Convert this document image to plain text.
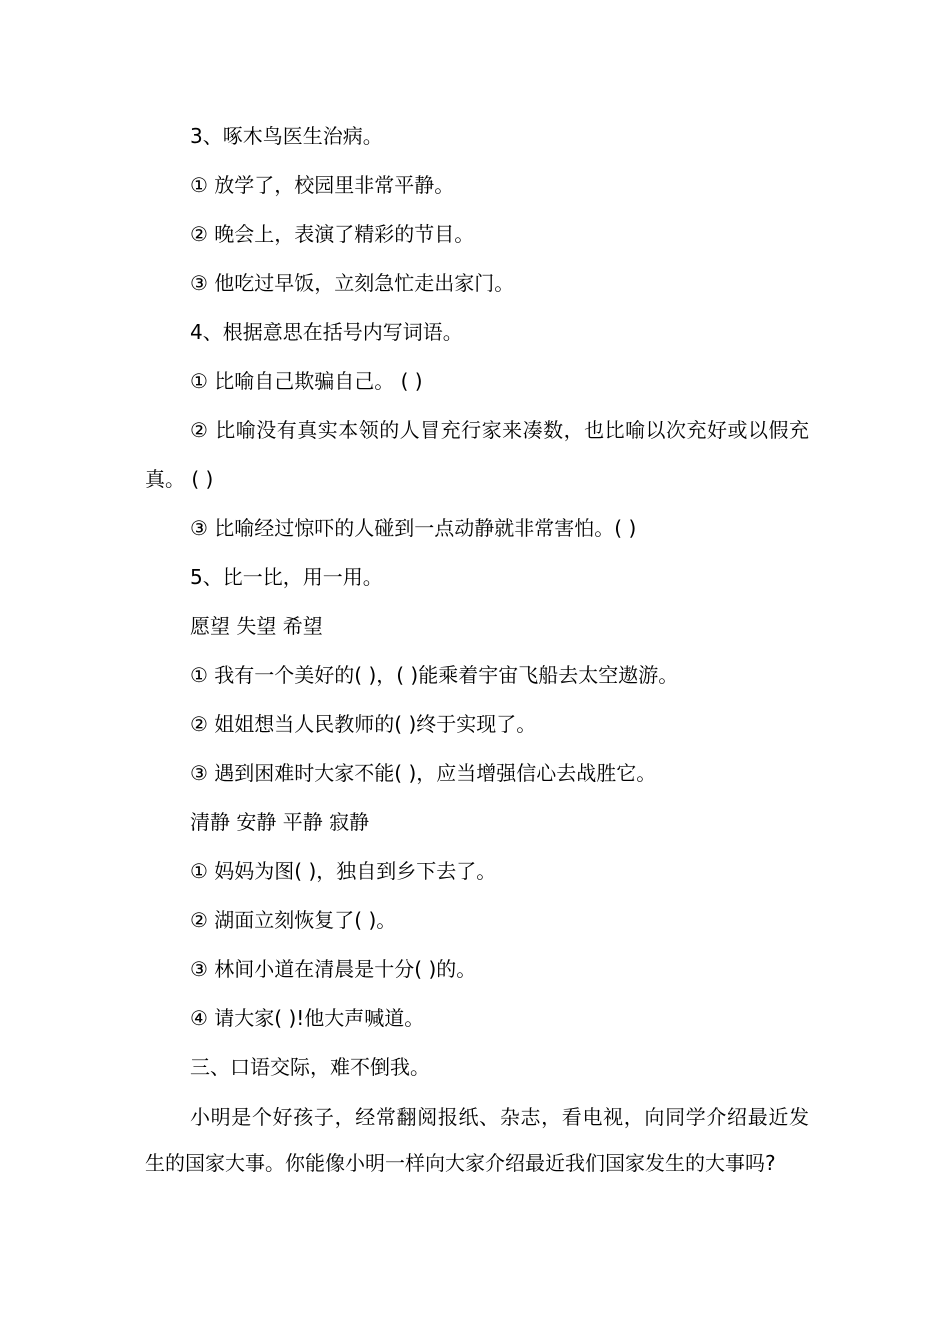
3、啄木鸟医生治病。
① 放学了，校园里非常平静。
② 晚会上，表演了精彩的节目。
③ 他吃过早饭，立刻急忙走出家门。
4、根据意思在括号内写词语。
① 比喻自己欺骗自己。 ( )
② 比喻没有真实本领的人冒充行家来凑数，也比喻以次充好或以假充真。 ( )
③ 比喻经过惊吓的人碰到一点动静就非常害怕。( )
5、比一比，用一用。
愿望 失望 希望
① 我有一个美好的( )，( )能乘着宇宙飞船去太空遨游。
② 姐姐想当人民教师的( )终于实现了。
③ 遇到困难时大家不能( )，应当增强信心去战胜它。
清静 安静 平静 寂静
① 妈妈为图( )，独自到乡下去了。
② 湖面立刻恢复了( )。
③ 林间小道在清晨是十分( )的。
④ 请大家( )!他大声喊道。
三、口语交际，难不倒我。
小明是个好孩子，经常翻阅报纸、杂志，看电视，向同学介绍最近发生的国家大事。你能像小明一样向大家介绍最近我们国家发生的大事吗?
